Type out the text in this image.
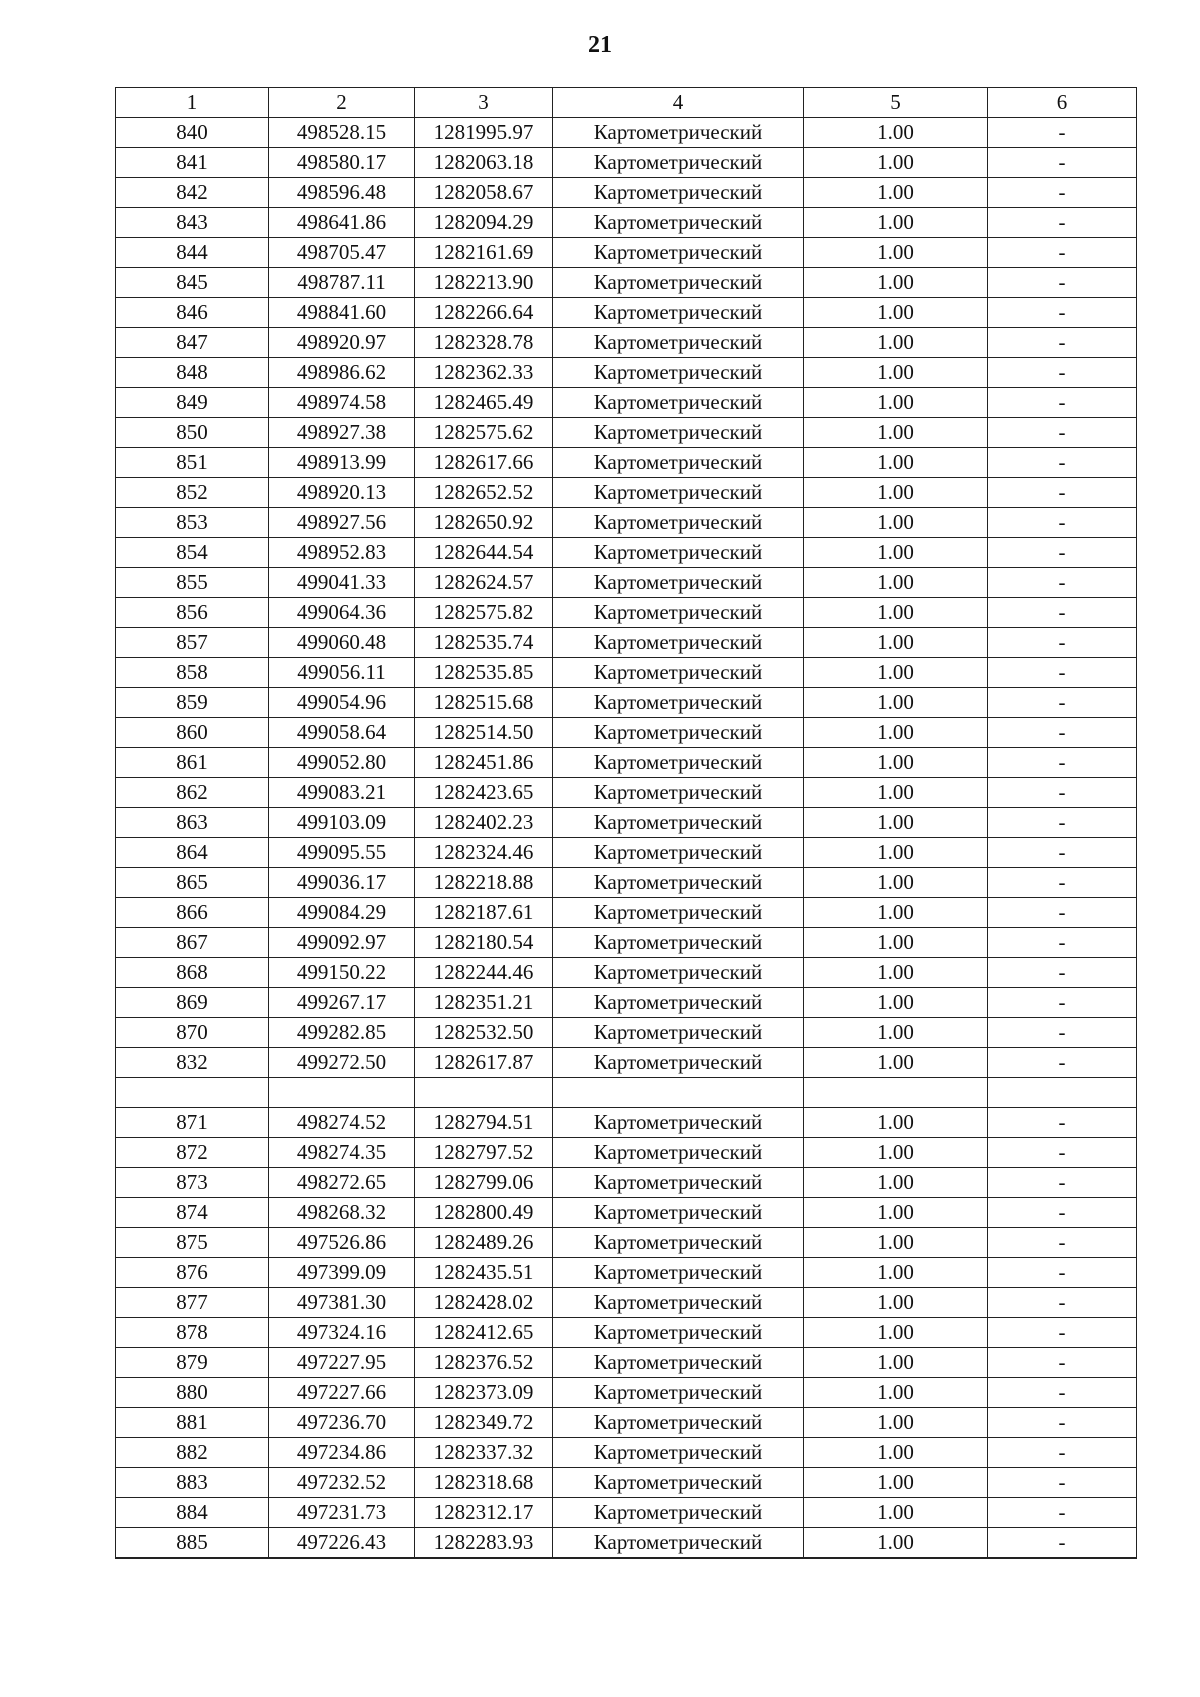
21
1	2	3	4	5	6
840	498528.15	1281995.97	Картометрический	1.00	-
841	498580.17	1282063.18	Картометрический	1.00	-
842	498596.48	1282058.67	Картометрический	1.00	-
843	498641.86	1282094.29	Картометрический	1.00	-
844	498705.47	1282161.69	Картометрический	1.00	-
845	498787.11	1282213.90	Картометрический	1.00	-
846	498841.60	1282266.64	Картометрический	1.00	-
847	498920.97	1282328.78	Картометрический	1.00	-
848	498986.62	1282362.33	Картометрический	1.00	-
849	498974.58	1282465.49	Картометрический	1.00	-
850	498927.38	1282575.62	Картометрический	1.00	-
851	498913.99	1282617.66	Картометрический	1.00	-
852	498920.13	1282652.52	Картометрический	1.00	-
853	498927.56	1282650.92	Картометрический	1.00	-
854	498952.83	1282644.54	Картометрический	1.00	-
855	499041.33	1282624.57	Картометрический	1.00	-
856	499064.36	1282575.82	Картометрический	1.00	-
857	499060.48	1282535.74	Картометрический	1.00	-
858	499056.11	1282535.85	Картометрический	1.00	-
859	499054.96	1282515.68	Картометрический	1.00	-
860	499058.64	1282514.50	Картометрический	1.00	-
861	499052.80	1282451.86	Картометрический	1.00	-
862	499083.21	1282423.65	Картометрический	1.00	-
863	499103.09	1282402.23	Картометрический	1.00	-
864	499095.55	1282324.46	Картометрический	1.00	-
865	499036.17	1282218.88	Картометрический	1.00	-
866	499084.29	1282187.61	Картометрический	1.00	-
867	499092.97	1282180.54	Картометрический	1.00	-
868	499150.22	1282244.46	Картометрический	1.00	-
869	499267.17	1282351.21	Картометрический	1.00	-
870	499282.85	1282532.50	Картометрический	1.00	-
832	499272.50	1282617.87	Картометрический	1.00	-

871	498274.52	1282794.51	Картометрический	1.00	-
872	498274.35	1282797.52	Картометрический	1.00	-
873	498272.65	1282799.06	Картометрический	1.00	-
874	498268.32	1282800.49	Картометрический	1.00	-
875	497526.86	1282489.26	Картометрический	1.00	-
876	497399.09	1282435.51	Картометрический	1.00	-
877	497381.30	1282428.02	Картометрический	1.00	-
878	497324.16	1282412.65	Картометрический	1.00	-
879	497227.95	1282376.52	Картометрический	1.00	-
880	497227.66	1282373.09	Картометрический	1.00	-
881	497236.70	1282349.72	Картометрический	1.00	-
882	497234.86	1282337.32	Картометрический	1.00	-
883	497232.52	1282318.68	Картометрический	1.00	-
884	497231.73	1282312.17	Картометрический	1.00	-
885	497226.43	1282283.93	Картометрический	1.00	-
